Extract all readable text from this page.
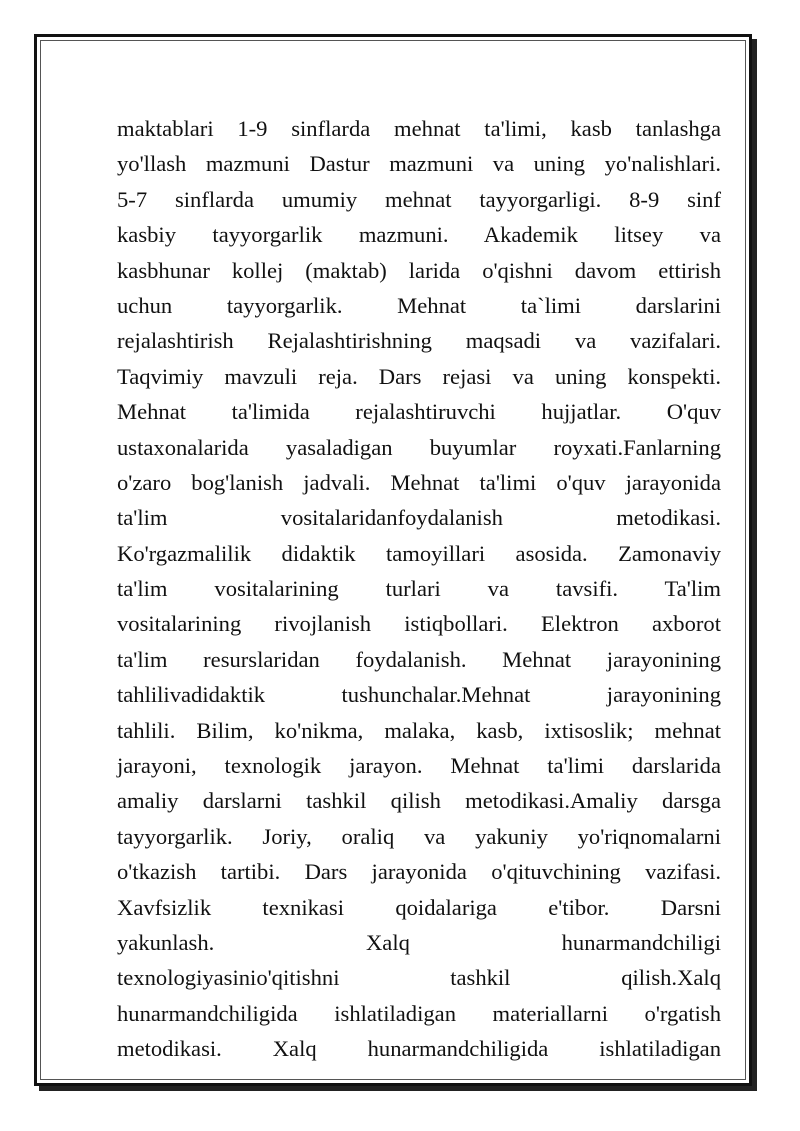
maktablari 1-9 sinflarda mehnat ta'limi, kasb tanlashga
yo'llash mazmuni Dastur mazmuni va uning yo'nalishlari.
5-7 sinflarda umumiy mehnat tayyorgarligi. 8-9 sinf
kasbiy tayyorgarlik mazmuni. Akademik litsey va
kasbhunar kollej (maktab) larida o'qishni davom ettirish
uchun tayyorgarlik. Mehnat ta`limi darslarini
rejalashtirish Rejalashtirishning maqsadi va vazifalari.
Taqvimiy mavzuli reja. Dars rejasi va uning konspekti.
Mehnat ta'limida rejalashtiruvchi hujjatlar. O'quv
ustaxonalarida yasaladigan buyumlar royxati.Fanlarning
o'zaro bog'lanish jadvali. Mehnat ta'limi o'quv jarayonida
ta'lim vositalaridanfoydalanish metodikasi.
Ko'rgazmalilik didaktik tamoyillari asosida. Zamonaviy
ta'lim vositalarining turlari va tavsifi. Ta'lim
vositalarining rivojlanish istiqbollari. Elektron axborot
ta'lim resurslaridan foydalanish. Mehnat jarayonining
tahlilivadidaktik tushunchalar.Mehnat jarayonining
tahlili. Bilim, ko'nikma, malaka, kasb, ixtisoslik; mehnat
jarayoni, texnologik jarayon. Mehnat ta'limi darslarida
amaliy darslarni tashkil qilish metodikasi.Amaliy darsga
tayyorgarlik. Joriy, oraliq va yakuniy yo'riqnomalarni
o'tkazish tartibi. Dars jarayonida o'qituvchining vazifasi.
Xavfsizlik texnikasi qoidalariga e'tibor. Darsni
yakunlash. Xalq hunarmandchiligi
texnologiyasinio'qitishni tashkil qilish.Xalq
hunarmandchiligida ishlatiladigan materiallarni o'rgatish
metodikasi. Xalq hunarmandchiligida ishlatiladigan
